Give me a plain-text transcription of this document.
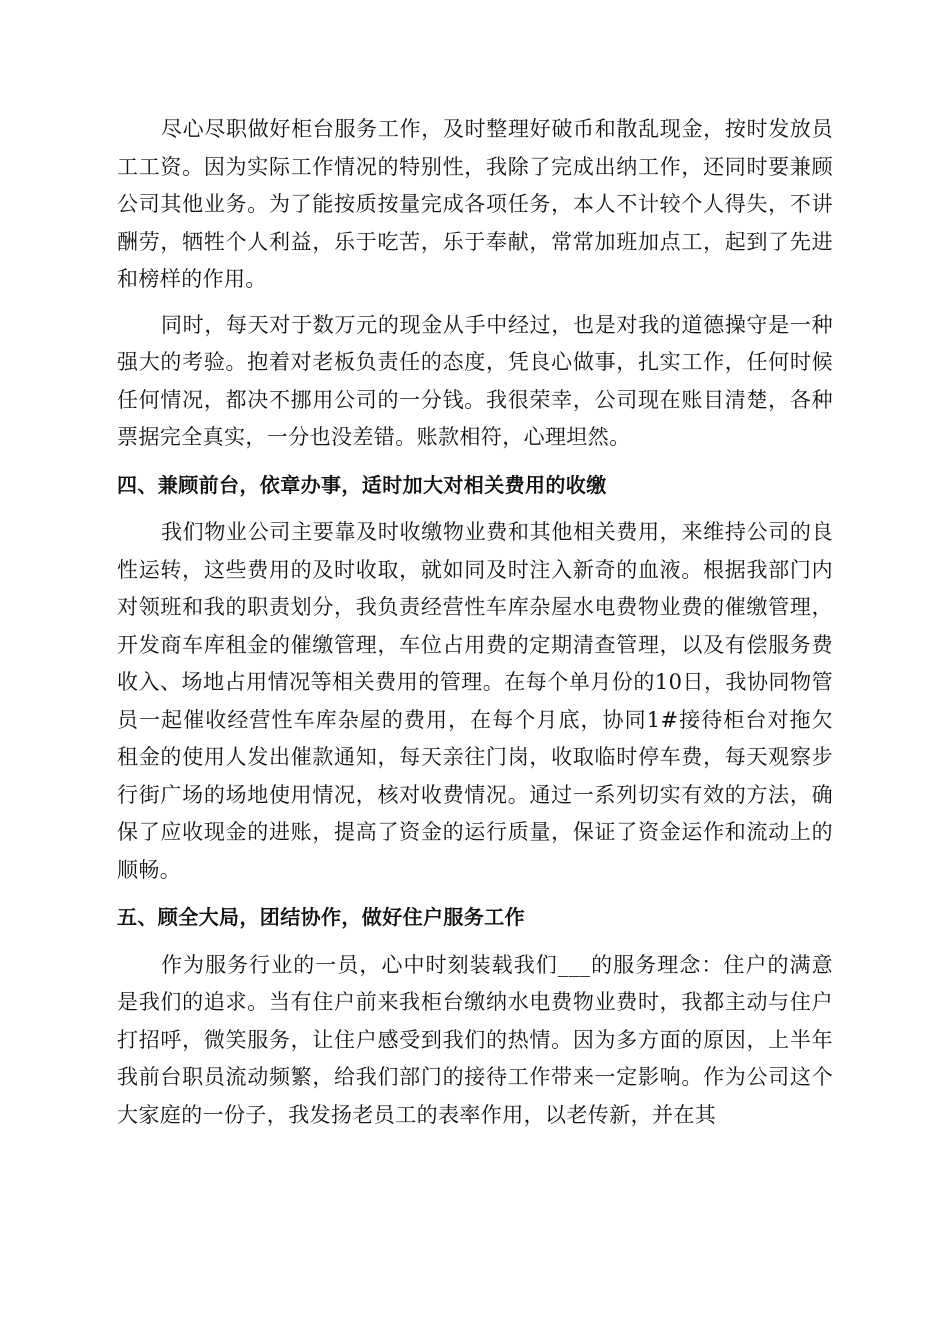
尽心尽职做好柜台服务工作，及时整理好破币和散乱现金，按时发放员工工资。因为实际工作情况的特别性，我除了完成出纳工作，还同时要兼顾公司其他业务。为了能按质按量完成各项任务，本人不计较个人得失，不讲酬劳，牺牲个人利益，乐于吃苦，乐于奉献，常常加班加点工，起到了先进和榜样的作用。

同时，每天对于数万元的现金从手中经过，也是对我的道德操守是一种强大的考验。抱着对老板负责任的态度，凭良心做事，扎实工作，任何时候任何情况，都决不挪用公司的一分钱。我很荣幸，公司现在账目清楚，各种票据完全真实，一分也没差错。账款相符，心理坦然。

四、兼顾前台，依章办事，适时加大对相关费用的收缴

我们物业公司主要靠及时收缴物业费和其他相关费用，来维持公司的良性运转，这些费用的及时收取，就如同及时注入新奇的血液。根据我部门内对领班和我的职责划分，我负责经营性车库杂屋水电费物业费的催缴管理，开发商车库租金的催缴管理，车位占用费的定期清查管理，以及有偿服务费收入、场地占用情况等相关费用的管理。在每个单月份的10日，我协同物管员一起催收经营性车库杂屋的费用，在每个月底，协同1#接待柜台对拖欠租金的使用人发出催款通知，每天亲往门岗，收取临时停车费，每天观察步行街广场的场地使用情况，核对收费情况。通过一系列切实有效的方法，确保了应收现金的进账，提高了资金的运行质量，保证了资金运作和流动上的顺畅。

五、顾全大局，团结协作，做好住户服务工作

作为服务行业的一员，心中时刻装载我们___的服务理念：住户的满意是我们的追求。当有住户前来我柜台缴纳水电费物业费时，我都主动与住户打招呼，微笑服务，让住户感受到我们的热情。因为多方面的原因，上半年我前台职员流动频繁，给我们部门的接待工作带来一定影响。作为公司这个大家庭的一份子，我发扬老员工的表率作用，以老传新，并在其
